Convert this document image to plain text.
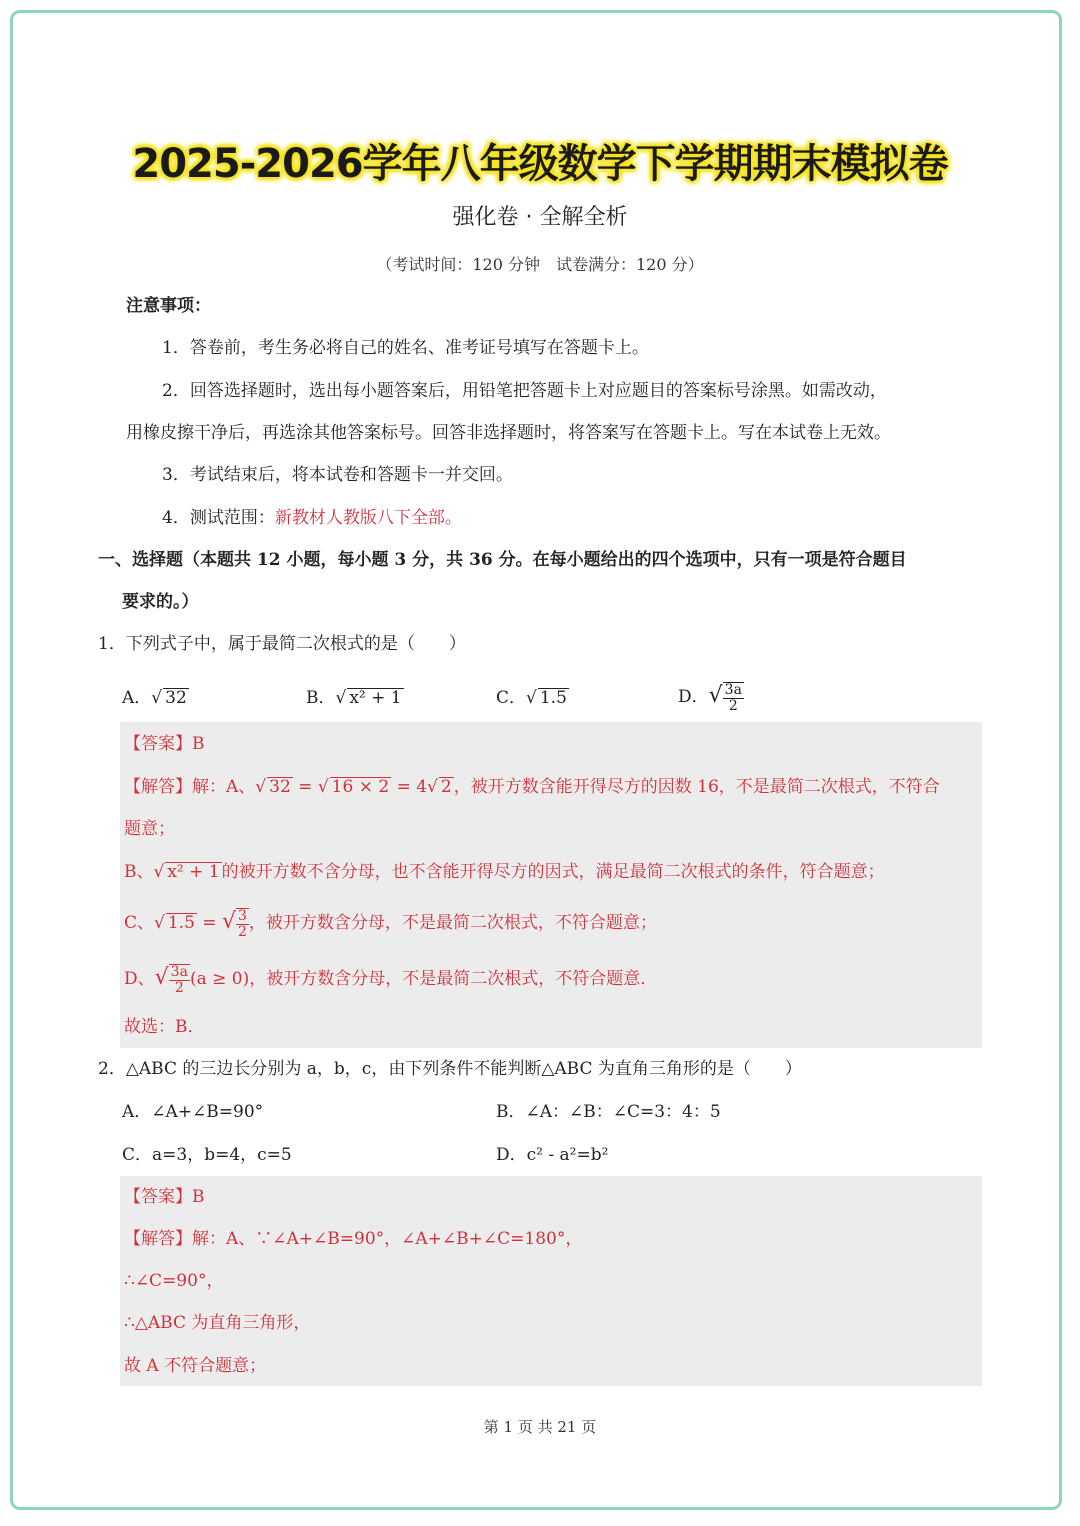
2025-2026学年八年级数学下学期期末模拟卷
强化卷 · 全解全析
（考试时间：120 分钟　试卷满分：120 分）
注意事项：
1．答卷前，考生务必将自己的姓名、准考证号填写在答题卡上。
2．回答选择题时，选出每小题答案后，用铅笔把答题卡上对应题目的答案标号涂黑。如需改动，
用橡皮擦干净后，再选涂其他答案标号。回答非选择题时，将答案写在答题卡上。写在本试卷上无效。
3．考试结束后，将本试卷和答题卡一并交回。
4．测试范围：新教材人教版八下全部。
一、选择题（本题共 12 小题，每小题 3 分，共 36 分。在每小题给出的四个选项中，只有一项是符合题目
要求的。）
1．下列式子中，属于最简二次根式的是（　　）
A．√ 32	B．√ x² + 1	C．√ 1.5	D．√ $\frac{3a}{2}$
【答案】B
【解答】解：A、√ 32 = √ 16 × 2 = 4√ 2 ，被开方数含能开得尽方的因数 16，不是最简二次根式，不符合
题意；
B、√ x² + 1 的被开方数不含分母，也不含能开得尽方的因式，满足最简二次根式的条件，符合题意；
C、√ 1.5 = √ $\frac{3}{2}$ ，被开方数含分母，不是最简二次根式，不符合题意；
D、√ $\frac{3a}{2} (a \ge 0)$，被开方数含分母，不是最简二次根式，不符合题意．
故选：B．
2．△ABC 的三边长分别为 a，b，c，由下列条件不能判断△ABC 为直角三角形的是（　　）
A．∠A+∠B=90°	B．∠A：∠B：∠C=3：4：5
C．a=3，b=4，c=5	D．c² - a²=b²
【答案】B
【解答】解：A、∵∠A+∠B=90°，∠A+∠B+∠C=180°，
∴∠C=90°，
∴△ABC 为直角三角形，
故 A 不符合题意；
第 1 页 共 21 页
